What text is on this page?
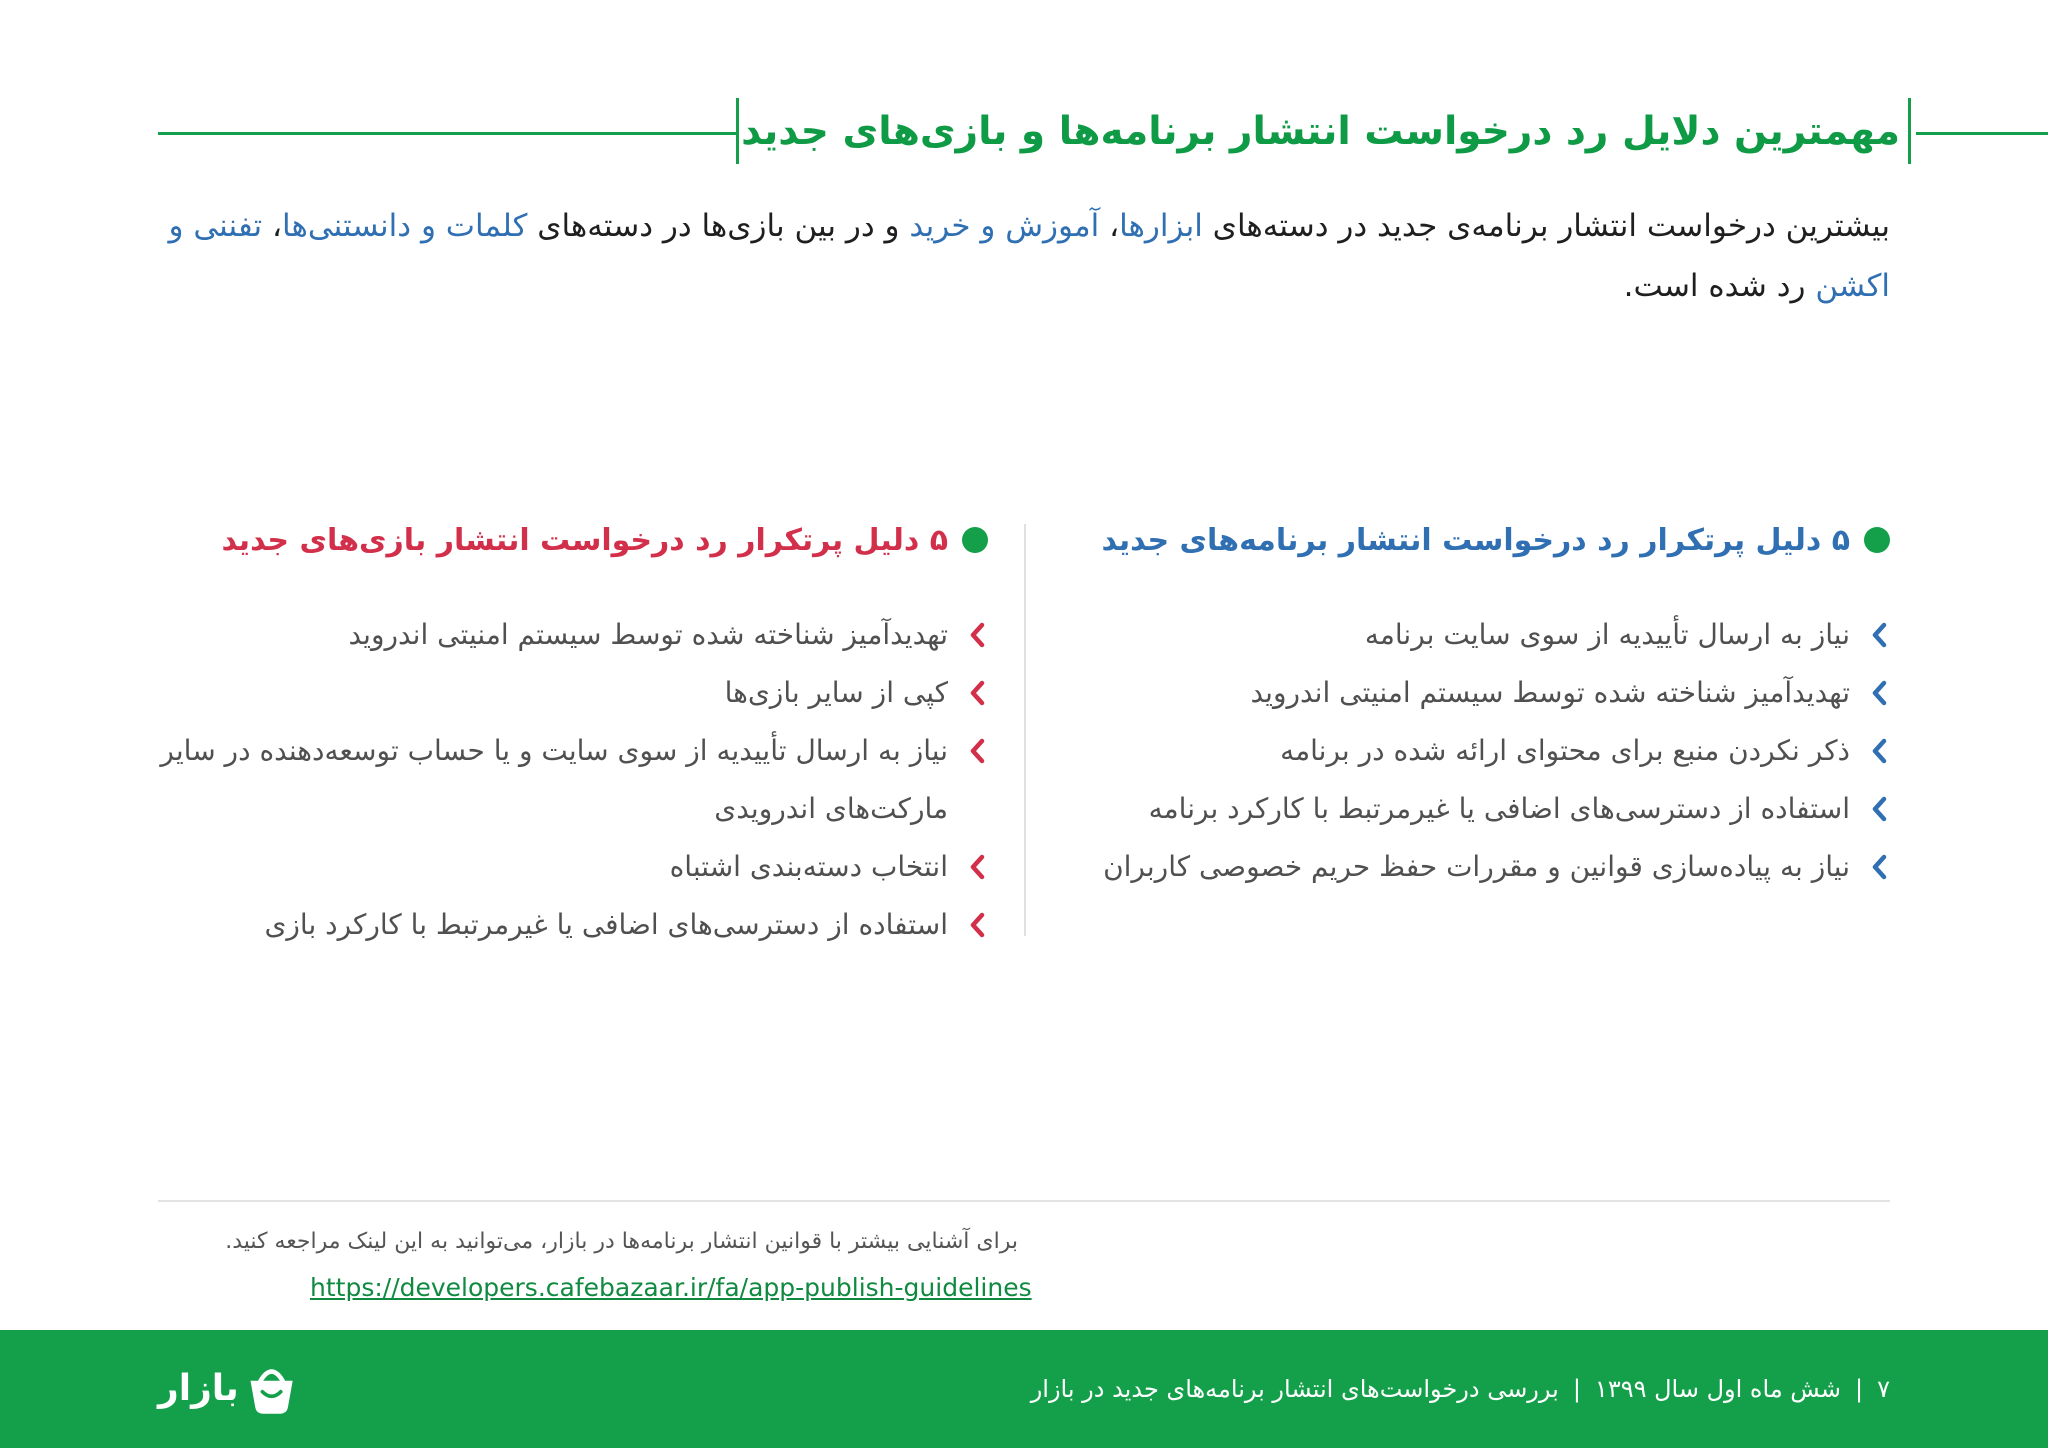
مهمترین دلایل رد درخواست انتشار برنامه‌ها و بازی‌های جدید
بیشترین درخواست انتشار برنامه‌ی جدید در دسته‌های ابزارها، آموزش و خرید و در بین بازی‌ها در دسته‌های کلمات و دانستنی‌ها، تفننی و اکشن رد شده است.
۵ دلیل پرتکرار رد درخواست انتشار برنامه‌های جدید
نیاز به ارسال تأییدیه از سوی سایت برنامه
تهدیدآمیز شناخته شده توسط سیستم امنیتی اندروید
ذکر نکردن منبع برای محتوای ارائه شده در برنامه
استفاده از دسترسی‌های اضافی یا غیرمرتبط با کارکرد برنامه
نیاز به پیاده‌سازی قوانین و مقررات حفظ حریم خصوصی کاربران
۵ دلیل پرتکرار رد درخواست انتشار بازی‌های جدید
تهدیدآمیز شناخته شده توسط سیستم امنیتی اندروید
کپی از سایر بازی‌ها
نیاز به ارسال تأییدیه از سوی سایت و یا حساب توسعه‌دهنده در سایر مارکت‌های اندرویدی
انتخاب دسته‌بندی اشتباه
استفاده از دسترسی‌های اضافی یا غیرمرتبط با کارکرد بازی
برای آشنایی بیشتر با قوانین انتشار برنامه‌ها در بازار، می‌توانید به این لینک مراجعه کنید.
https://developers.cafebazaar.ir/fa/app-publish-guidelines
۷|شش ماه اول سال ۱۳۹۹|بررسی درخواست‌های انتشار برنامه‌های جدید در بازار
بازار
